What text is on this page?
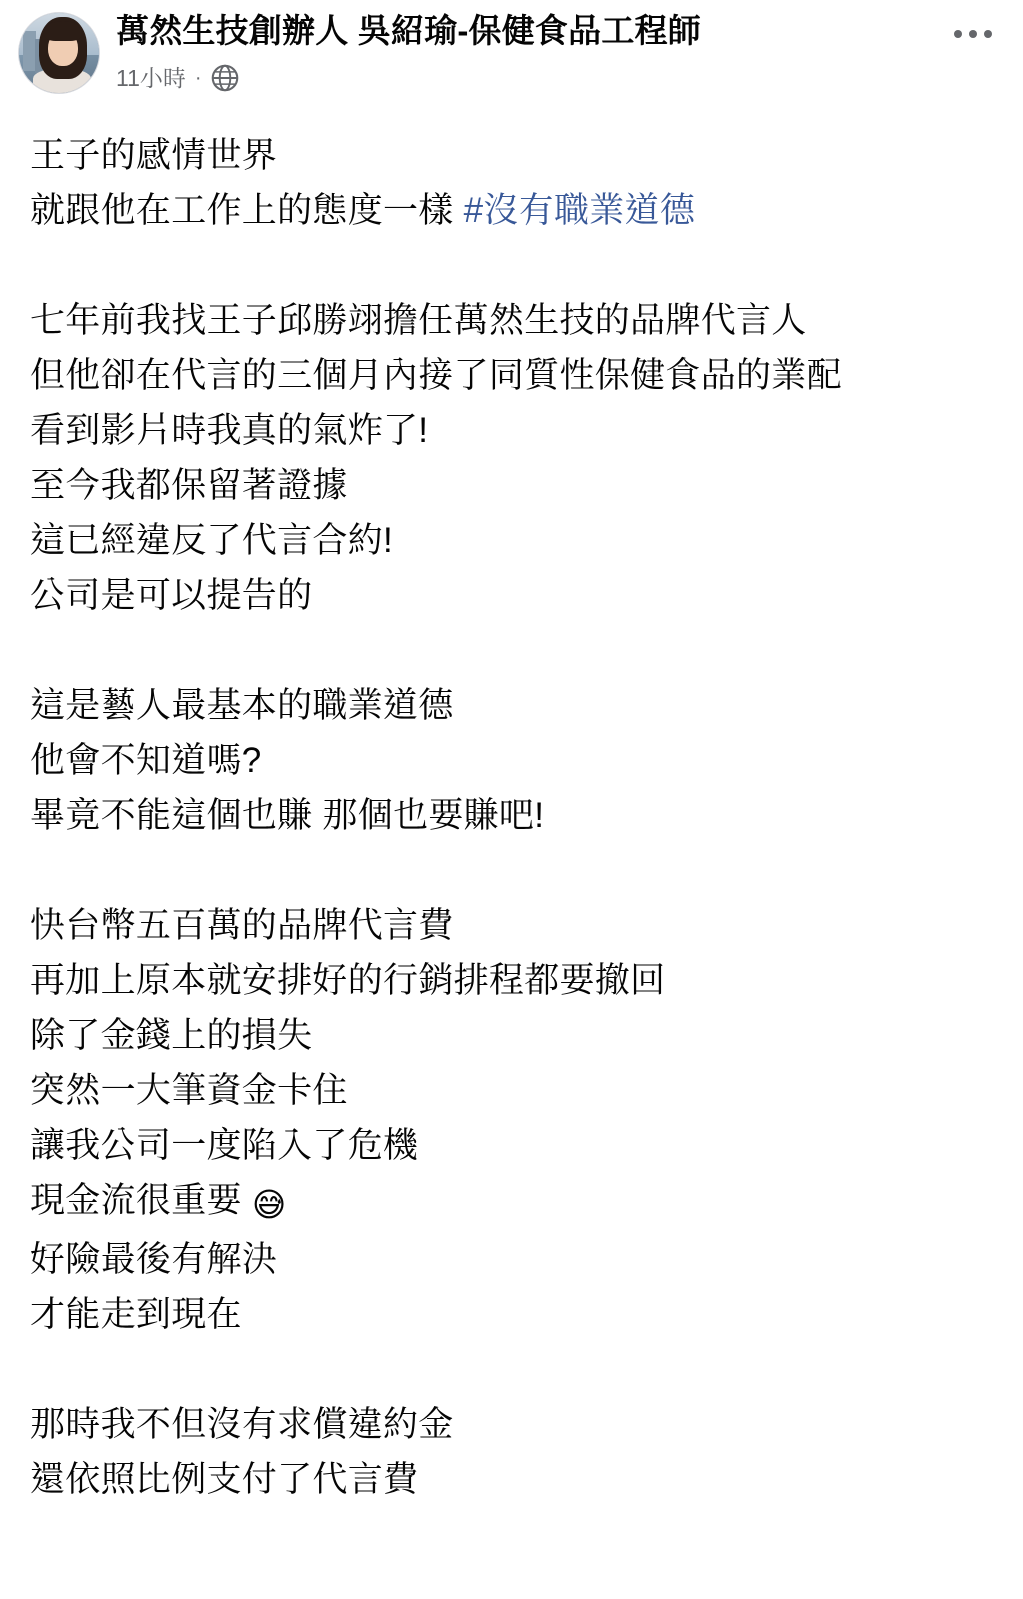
萬然生技創辦人 吳紹瑜-保健食品工程師
11小時 ·
王子的感情世界
就跟他在工作上的態度一樣 #沒有職業道德
七年前我找王子邱勝翊擔任萬然生技的品牌代言人
但他卻在代言的三個月內接了同質性保健食品的業配
看到影片時我真的氣炸了!
至今我都保留著證據
這已經違反了代言合約!
公司是可以提告的
這是藝人最基本的職業道德
他會不知道嗎?
畢竟不能這個也賺 那個也要賺吧!
快台幣五百萬的品牌代言費
再加上原本就安排好的行銷排程都要撤回
除了金錢上的損失
突然一大筆資金卡住
讓我公司一度陷入了危機
現金流很重要 😅
好險最後有解決
才能走到現在
那時我不但沒有求償違約金
還依照比例支付了代言費
